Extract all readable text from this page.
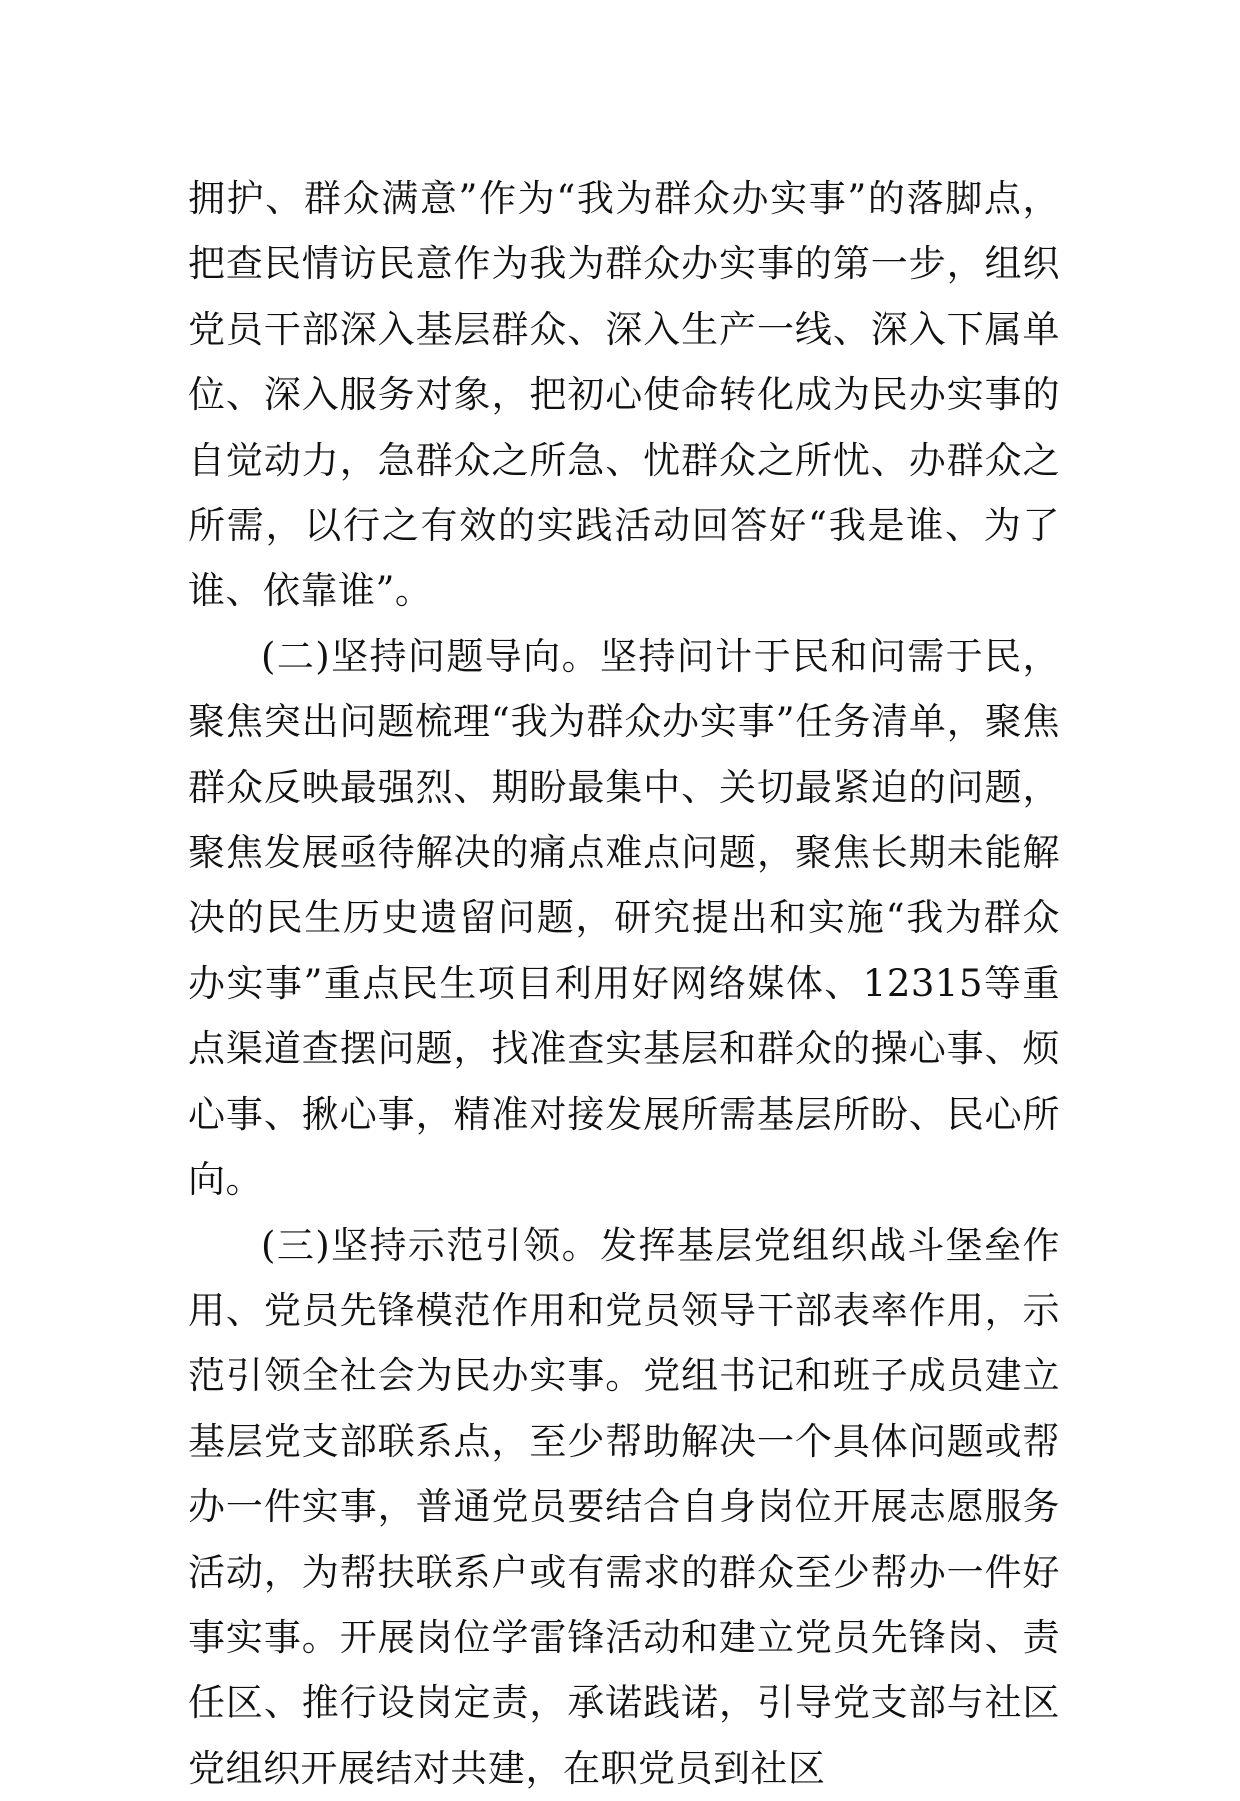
拥护、群众满意”作为“我为群众办实事”的落脚点，把查民情访民意作为我为群众办实事的第一步，组织党员干部深入基层群众、深入生产一线、深入下属单位、深入服务对象，把初心使命转化成为民办实事的自觉动力，急群众之所急、忧群众之所忧、办群众之所需，以行之有效的实践活动回答好“我是谁、为了谁、依靠谁”。

(二)坚持问题导向。坚持问计于民和问需于民，聚焦突出问题梳理“我为群众办实事”任务清单，聚焦群众反映最强烈、期盼最集中、关切最紧迫的问题，聚焦发展亟待解决的痛点难点问题，聚焦长期未能解决的民生历史遗留问题，研究提出和实施“我为群众办实事”重点民生项目利用好网络媒体、12315等重点渠道查摆问题，找准查实基层和群众的操心事、烦心事、揪心事，精准对接发展所需基层所盼、民心所向。

(三)坚持示范引领。发挥基层党组织战斗堡垒作用、党员先锋模范作用和党员领导干部表率作用，示范引领全社会为民办实事。党组书记和班子成员建立基层党支部联系点，至少帮助解决一个具体问题或帮办一件实事，普通党员要结合自身岗位开展志愿服务活动，为帮扶联系户或有需求的群众至少帮办一件好事实事。开展岗位学雷锋活动和建立党员先锋岗、责任区、推行设岗定责，承诺践诺，引导党支部与社区党组织开展结对共建，在职党员到社区
